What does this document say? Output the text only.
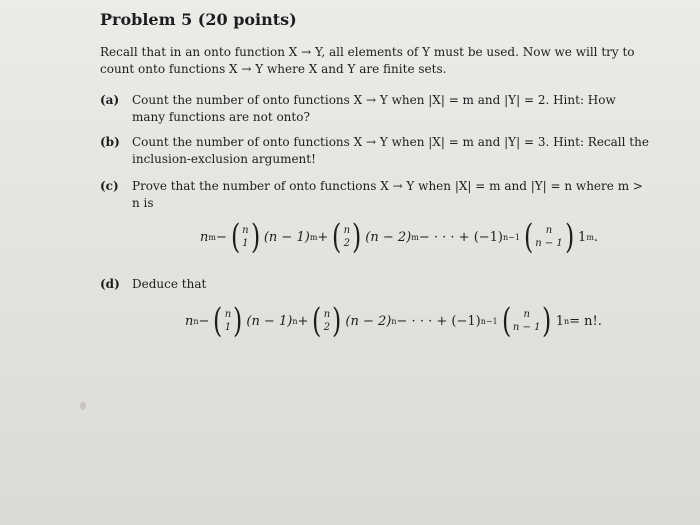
Problem 5 (20 points)
Recall that in an onto function X → Y, all elements of Y must be used. Now we will try to count onto functions X → Y where X and Y are finite sets.
(a) Count the number of onto functions X → Y when |X| = m and |Y| = 2. Hint: How many functions are not onto?
(b) Count the number of onto functions X → Y when |X| = m and |Y| = 3. Hint: Recall the inclusion-exclusion argument!
(c) Prove that the number of onto functions X → Y when |X| = m and |Y| = n where m > n is
n m − ( n
1 ) (n − 1) m + ( n
2 ) (n − 2) m − · · · + (−1) n−1 ( n
n − 1 ) 1 m .
(d) Deduce that
n n − ( n
1 ) (n − 1) n + ( n
2 ) (n − 2) n − · · · + (−1) n−1 ( n
n − 1 ) 1 n = n!.
